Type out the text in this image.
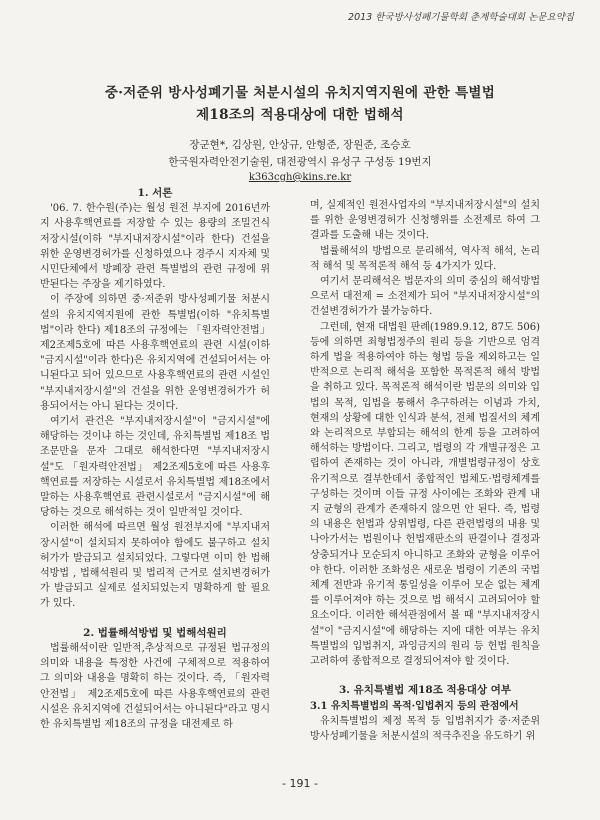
2013 한국방사성폐기물학회 춘계학술대회 논문요약집
중·저준위 방사성폐기물 처분시설의 유치지역지원에 관한 특별법
제18조의 적용대상에 대한 법해석
장군현*, 김상원, 안상규, 안형준, 장원준, 조승호
한국원자력안전기술원, 대전광역시 유성구 구성동 19번지
k363cgh@kins.re.kr

1. 서론

'06. 7. 한수원(주)는 월성 원전 부지에 2016년까지 사용후핵연료를 저장할 수 있는 용량의 조밀건식저장시설(이하 "부지내저장시설"이라 한다) 건설을 위한 운영변경허가를 신청하였으나 경주시 지자체 및 시민단체에서 방폐장 관련 특별법의 관련 규정에 위반된다는 주장을 제기하였다.

이 주장에 의하면 중·저준위 방사성폐기물 처분시설의 유치지역지원에 관한 특별법(이하 "유치특별법"이라 한다) 제18조의 규정에는 「원자력안전법」 제2조제5호에 따른 사용후핵연료의 관련 시설(이하 "금지시설"이라 한다)은 유치지역에 건설되어서는 아니된다고 되어 있으므로 사용후핵연료의 관련 시설인 "부지내저장시설"의 건설을 위한 운영변경허가가 허용되어서는 아니 된다는 것이다.

여기서 관건은 "부지내저장시설"이 "금지시설"에 해당하는 것이냐 하는 것인데, 유치특별법 제18조 법조문만을 문자 그대로 해석한다면 "부지내저장시설"도 「원자력안전법」 제2조제5호에 따른 사용후핵연료를 저장하는 시설로서 유치특별법 제18조에서 말하는 사용후핵연료 관련시설로서 "금지시설"에 해당하는 것으로 해석하는 것이 일반적일 것이다.

이러한 해석에 따르면 월성 원전부지에 "부지내저장시설"이 설치되지 못하여야 함에도 불구하고 설치허가가 발급되고 설치되었다. 그렇다면 이미 한 법해석방법 , 법해석원리 및 법리적 근거로 설치변경허가가 발급되고 실제로 설치되었는지 명확하게 할 필요가 있다.

2. 법률해석방법 및 법해석원리

법률해석이란 일반적,추상적으로 규정된 법규정의 의미와 내용을 특정한 사건에 구체적으로 적용하여 그 의미와 내용을 명확히 하는 것이다. 즉, 「원자력안전법」 제2조제5호에 따른 사용후핵연료의 관련 시설은 유치지역에 건설되어서는 아니된다"라고 명시한 유치특별법 제18조의 규정을 대전제로 하

며, 실제적인 원전사업자의 "부지내저장시설"의 설치를 위한 운영변경허가 신청행위를 소전제로 하여 그 결과를 도출해 내는 것이다.

법률해석의 방법으로 문리해석, 역사적 해석, 논리적 해석 및 목적론적 해석 등 4가지가 있다.

여기서 문리해석은 법문자의 의미 중심의 해석방법으로서 대전제 = 소전제가 되어 "부지내저장시설"의 건설변경허가가 불가능하다.

그런데, 현재 대법원 판례(1989.9.12, 87도 506)등에 의하면 죄형법정주의 원리 등을 기반으로 엄격하게 법을 적용하여야 하는 형법 등을 제외하고는 일반적으로 논리적 해석을 포함한 목적론적 해석 방법을 취하고 있다. 목적론적 해석이란 법문의 의미와 입법의 목적, 입법을 통해서 추구하려는 이념과 가치, 현재의 상황에 대한 인식과 분석, 전체 법질서의 체계와 논리적으로 부합되는 해석의 한계 등을 고려하여 해석하는 방법이다. 그리고, 법령의 각 개별규정은 고립하여 존재하는 것이 아니라, 개별법령규정이 상호 유기적으로 결부한데서 종합적인 법체도·법령체계를 구성하는 것이며 이들 규정 사이에는 조화와 관계 내지 균형의 관계가 존재하지 않으면 안 된다. 즉, 법령의 내용은 헌법과 상위법령, 다른 관련법령의 내용 및 나아가서는 법원이나 헌법재판소의 판결이나 결정과 상충되거나 모순되지 아니하고 조화와 균형을 이루어야 한다. 이러한 조화성은 새로운 법령이 기존의 국법체계 전반과 유기적 통일성을 이루어 모순 없는 체계를 이루어져야 하는 것으로 법 해석시 고려되어야 할 요소이다. 이러한 해석관점에서 볼 때 "부지내저장시설"이 "금지시설"에 해당하는 지에 대한 여부는 유치특별법의 입법취지, 과잉금지의 원리 등 헌법 원칙을 고려하여 종합적으로 결정되어져야 할 것이다.

3. 유치특별법 제18조 적용대상 여부

3.1 유치특별법의 목적·입법취지 등의 관점에서

유치특별법의 제정 목적 등 입법취지가 중·저준위 방사성폐기물을 처분시설의 적극추진을 유도하기 위

- 191 -
